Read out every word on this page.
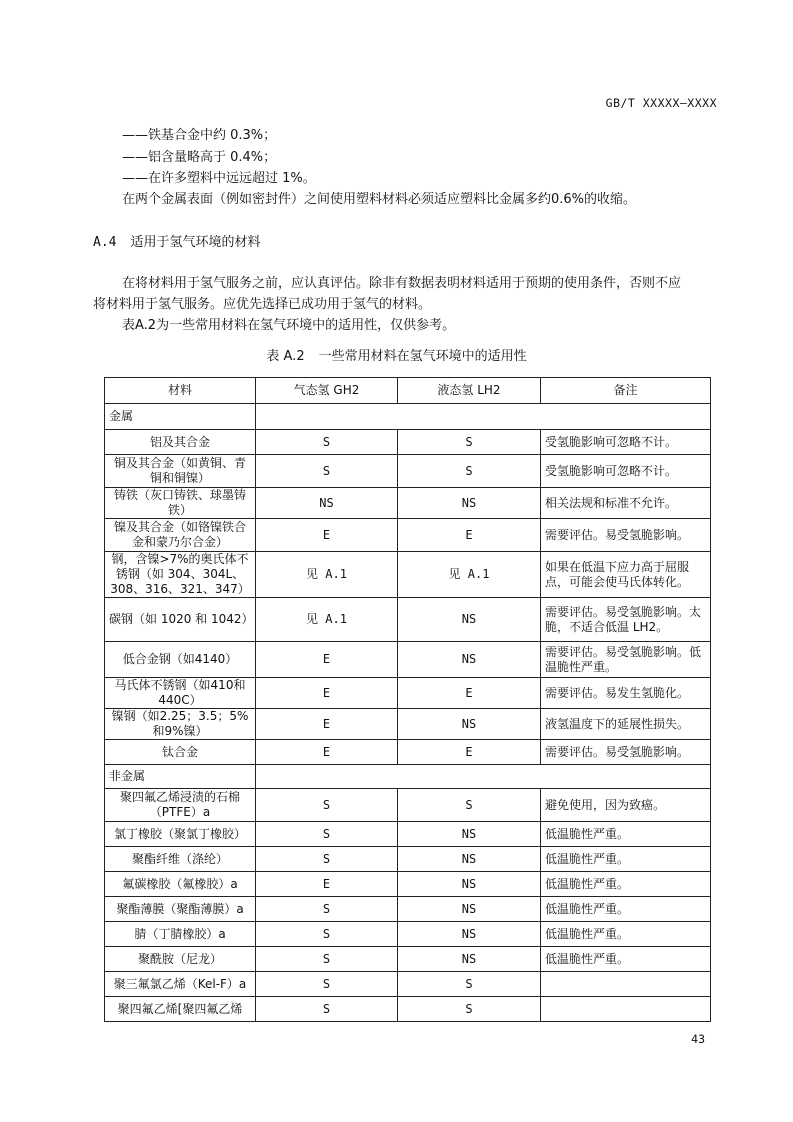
GB/T XXXXX—XXXX
——铁基合金中约 0.3%；
——铝含量略高于 0.4%；
——在许多塑料中远远超过 1%。
在两个金属表面（例如密封件）之间使用塑料材料必须适应塑料比金属多约0.6%的收缩。
A.4 适用于氢气环境的材料
在将材料用于氢气服务之前，应认真评估。除非有数据表明材料适用于预期的使用条件，否则不应
将材料用于氢气服务。应优先选择已成功用于氢气的材料。
表A.2为一些常用材料在氢气环境中的适用性，仅供参考。
表 A.2 一些常用材料在氢气环境中的适用性
材料	气态氢 GH2	液态氢 LH2	备注
金属			
铝及其合金	S	S	受氢脆影响可忽略不计。
铜及其合金（如黄铜、青铜和铜镍）	S	S	受氢脆影响可忽略不计。
铸铁（灰口铸铁、球墨铸铁）	NS	NS	相关法规和标准不允许。
镍及其合金（如铬镍铁合金和蒙乃尔合金）	E	E	需要评估。易受氢脆影响。
钢，含镍>7%的奥氏体不锈钢（如 304、304L、308、316、321、347）	见 A.1	见 A.1	如果在低温下应力高于屈服点，可能会使马氏体转化。
碳钢（如 1020 和 1042）	见 A.1	NS	需要评估。易受氢脆影响。太脆，不适合低温 LH2。
低合金钢（如4140）	E	NS	需要评估。易受氢脆影响。低温脆性严重。
马氏体不锈钢（如410和440C）	E	E	需要评估。易发生氢脆化。
镍钢（如2.25；3.5；5%和9%镍）	E	NS	液氢温度下的延展性损失。
钛合金	E	E	需要评估。易受氢脆影响。
非金属			
聚四氟乙烯浸渍的石棉（PTFE）a	S	S	避免使用，因为致癌。
氯丁橡胶（聚氯丁橡胶）	S	NS	低温脆性严重。
聚酯纤维（涤纶）	S	NS	低温脆性严重。
氟碳橡胶（氟橡胶）a	E	NS	低温脆性严重。
聚酯薄膜（聚酯薄膜）a	S	NS	低温脆性严重。
腈（丁腈橡胶）a	S	NS	低温脆性严重。
聚酰胺（尼龙）	S	NS	低温脆性严重。
聚三氟氯乙烯（Kel-F）a	S	S	
聚四氟乙烯[聚四氟乙烯	S	S	
43
